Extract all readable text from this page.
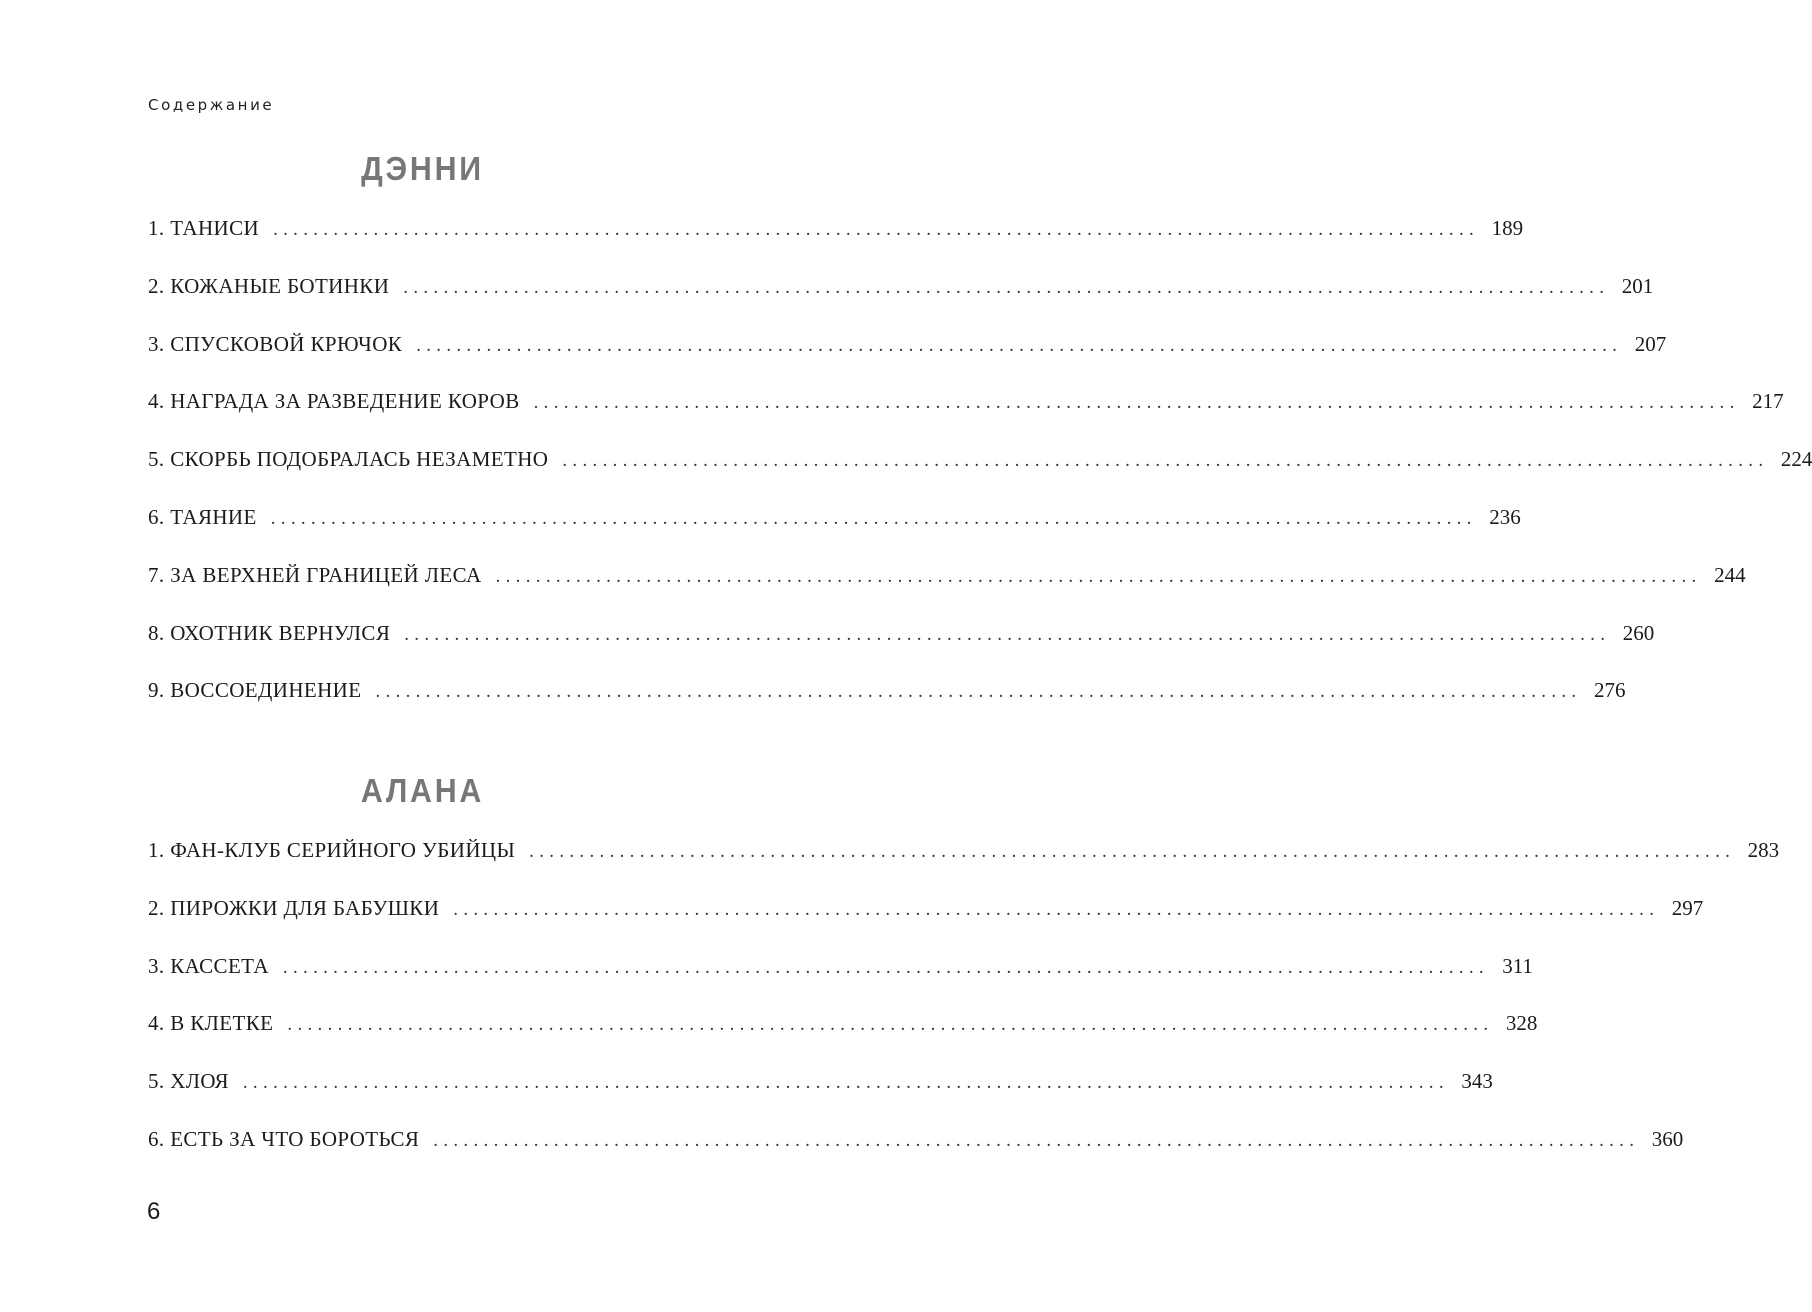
Содержание
ДЭННИ
1. ТАНИСИ ........................................................................................................................ 189
2. КОЖАНЫЕ БОТИНКИ ........................................................................................................................ 201
3. СПУСКОВОЙ КРЮЧОК ........................................................................................................................ 207
4. НАГРАДА ЗА РАЗВЕДЕНИЕ КОРОВ ........................................................................................................................ 217
5. СКОРБЬ ПОДОБРАЛАСЬ НЕЗАМЕТНО ........................................................................................................................ 224
6. ТАЯНИЕ ........................................................................................................................ 236
7. ЗА ВЕРХНЕЙ ГРАНИЦЕЙ ЛЕСА ........................................................................................................................ 244
8. ОХОТНИК ВЕРНУЛСЯ ........................................................................................................................ 260
9. ВОССОЕДИНЕНИЕ ........................................................................................................................ 276
АЛАНА
1. ФАН-КЛУБ СЕРИЙНОГО УБИЙЦЫ ........................................................................................................................ 283
2. ПИРОЖКИ ДЛЯ БАБУШКИ ........................................................................................................................ 297
3. КАССЕТА ........................................................................................................................ 311
4. В КЛЕТКЕ ........................................................................................................................ 328
5. ХЛОЯ ........................................................................................................................ 343
6. ЕСТЬ ЗА ЧТО БОРОТЬСЯ ........................................................................................................................ 360
6
